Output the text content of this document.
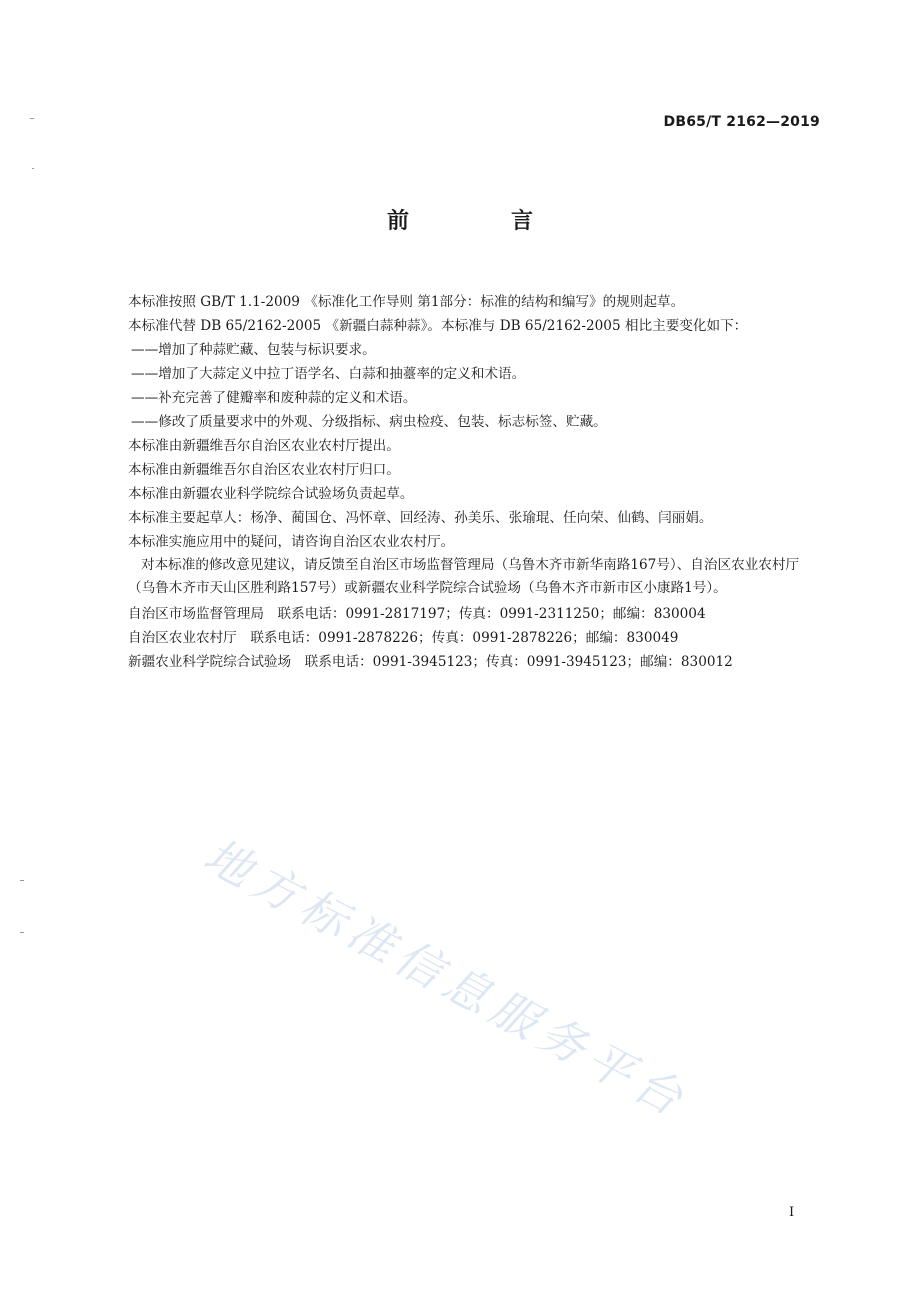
DB65/T 2162—2019
前　言

本标准按照 GB/T 1.1-2009 《标准化工作导则 第1部分：标准的结构和编写》的规则起草。

本标准代替 DB 65/2162-2005 《新疆白蒜种蒜》。本标准与 DB 65/2162-2005 相比主要变化如下：

——增加了种蒜贮藏、包装与标识要求。

——增加了大蒜定义中拉丁语学名、白蒜和抽薹率的定义和术语。

——补充完善了健瓣率和废种蒜的定义和术语。

——修改了质量要求中的外观、分级指标、病虫检疫、包装、标志标签、贮藏。

本标准由新疆维吾尔自治区农业农村厅提出。

本标准由新疆维吾尔自治区农业农村厅归口。

本标准由新疆农业科学院综合试验场负责起草。

本标准主要起草人：杨净、蔺国仓、冯怀章、回经涛、孙美乐、张瑜琨、任向荣、仙鹤、闫丽娟。

本标准实施应用中的疑问，请咨询自治区农业农村厅。

对本标准的修改意见建议，请反馈至自治区市场监督管理局（乌鲁木齐市新华南路167号）、自治区农业农村厅（乌鲁木齐市天山区胜利路157号）或新疆农业科学院综合试验场（乌鲁木齐市新市区小康路1号）。

自治区市场监督管理局　联系电话：0991-2817197；传真：0991-2311250；邮编：830004

自治区农业农村厅　联系电话：0991-2878226；传真：0991-2878226；邮编：830049

新疆农业科学院综合试验场　联系电话：0991-3945123；传真：0991-3945123；邮编：830012

地方标准信息服务平台
I
